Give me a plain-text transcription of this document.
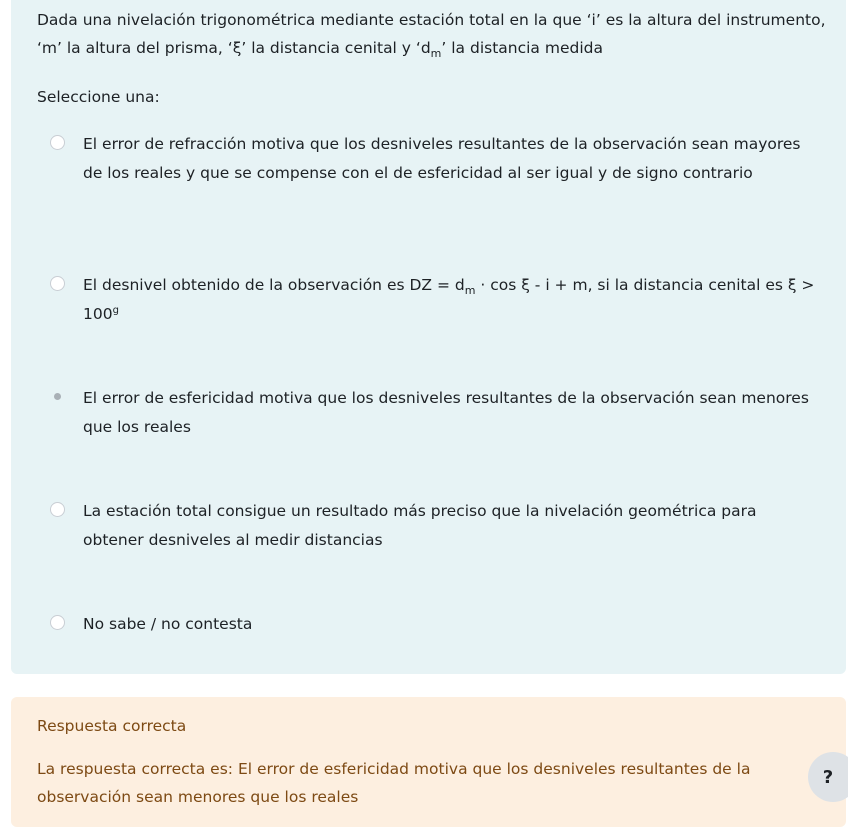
Dada una nivelación trigonométrica mediante estación total en la que ‘i’ es la altura del instrumento, ‘m’ la altura del prisma, ‘ξ’ la distancia cenital y ‘$d_m$’ la distancia medida
Seleccione una:
El error de refracción motiva que los desniveles resultantes de la observación sean mayores de los reales y que se compense con el de esfericidad al ser igual y de signo contrario
El desnivel obtenido de la observación es DZ = $d_m \cdot \cos \xi - i + m$, si la distancia cenital es $\xi > 100^g$
El error de esfericidad motiva que los desniveles resultantes de la observación sean menores que los reales
La estación total consigue un resultado más preciso que la nivelación geométrica para obtener desniveles al medir distancias
No sabe / no contesta
Respuesta correcta
La respuesta correcta es: El error de esfericidad motiva que los desniveles resultantes de la observación sean menores que los reales
?
